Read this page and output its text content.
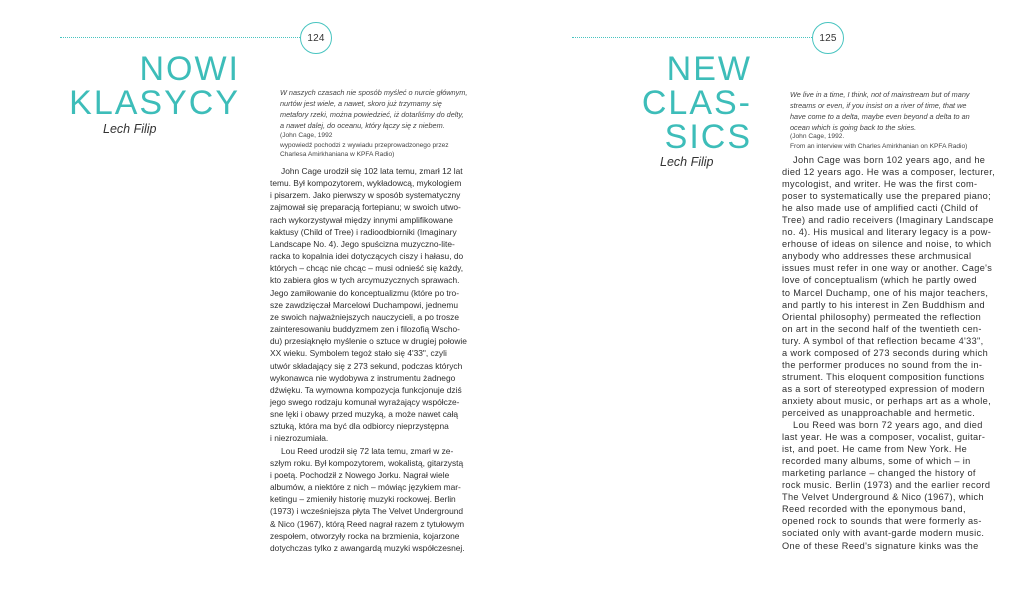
124
NOWI
KLASYCY
Lech Filip
W naszych czasach nie sposób myśleć o nurcie głównym,
nurtów jest wiele, a nawet, skoro już trzymamy się
metafory rzeki, można powiedzieć, iż dotarliśmy do delty,
a nawet dalej, do oceanu, który łączy się z niebem.
(John Cage, 1992
wypowiedź pochodzi z wywiadu przeprowadzonego przez
Charlesa Amirkhaniana w KPFA Radio)

John Cage urodził się 102 lata temu, zmarł 12 lat
temu. Był kompozytorem, wykładowcą, mykologiem
i pisarzem. Jako pierwszy w sposób systematyczny
zajmował się preparacją fortepianu; w swoich utwo-
rach wykorzystywał między innymi amplifikowane
kaktusy (Child of Tree) i radioodbiorniki (Imaginary
Landscape No. 4). Jego spuścizna muzyczno-lite-
racka to kopalnia idei dotyczących ciszy i hałasu, do
których – chcąc nie chcąc – musi odnieść się każdy,
kto zabiera głos w tych arcymuzycznych sprawach.
Jego zamiłowanie do konceptualizmu (które po tro-
sze zawdzięczał Marcelowi Duchampowi, jednemu
ze swoich najważniejszych nauczycieli, a po trosze
zainteresowaniu buddyzmem zen i filozofią Wscho-
du) przesiąknęło myślenie o sztuce w drugiej połowie
XX wieku. Symbolem tegoż stało się 4'33", czyli
utwór składający się z 273 sekund, podczas których
wykonawca nie wydobywa z instrumentu żadnego
dźwięku. Ta wymowna kompozycja funkcjonuje dziś
jego swego rodzaju komunał wyrażający współcze-
sne lęki i obawy przed muzyką, a może nawet całą
sztuką, która ma być dla odbiorcy nieprzystępna
i niezrozumiała.

Lou Reed urodził się 72 lata temu, zmarł w ze-
szłym roku. Był kompozytorem, wokalistą, gitarzystą
i poetą. Pochodził z Nowego Jorku. Nagrał wiele
albumów, a niektóre z nich – mówiąc językiem mar-
ketingu – zmieniły historię muzyki rockowej. Berlin
(1973) i wcześniejsza płyta The Velvet Underground
& Nico (1967), którą Reed nagrał razem z tytułowym
zespołem, otworzyły rocka na brzmienia, kojarzone
dotychczas tylko z awangardą muzyki współczesnej.

125
NEW
CLAS-
SICS
Lech Filip
We live in a time, I think, not of mainstream but of many
streams or even, if you insist on a river of time, that we
have come to a delta, maybe even beyond a delta to an
ocean which is going back to the skies.
(John Cage, 1992.
From an interview with Charles Amirkhanian on KPFA Radio)

John Cage was born 102 years ago, and he
died 12 years ago. He was a composer, lecturer,
mycologist, and writer. He was the first com-
poser to systematically use the prepared piano;
he also made use of amplified cacti (Child of
Tree) and radio receivers (Imaginary Landscape
no. 4). His musical and literary legacy is a pow-
erhouse of ideas on silence and noise, to which
anybody who addresses these archmusical
issues must refer in one way or another. Cage's
love of conceptualism (which he partly owed
to Marcel Duchamp, one of his major teachers,
and partly to his interest in Zen Buddhism and
Oriental philosophy) permeated the reflection
on art in the second half of the twentieth cen-
tury. A symbol of that reflection became 4'33",
a work composed of 273 seconds during which
the performer produces no sound from the in-
strument. This eloquent composition functions
as a sort of stereotyped expression of modern
anxiety about music, or perhaps art as a whole,
perceived as unapproachable and hermetic.

Lou Reed was born 72 years ago, and died
last year. He was a composer, vocalist, guitar-
ist, and poet. He came from New York. He
recorded many albums, some of which – in
marketing parlance – changed the history of
rock music. Berlin (1973) and the earlier record
The Velvet Underground & Nico (1967), which
Reed recorded with the eponymous band,
opened rock to sounds that were formerly as-
sociated only with avant-garde modern music.
One of these Reed's signature kinks was the
